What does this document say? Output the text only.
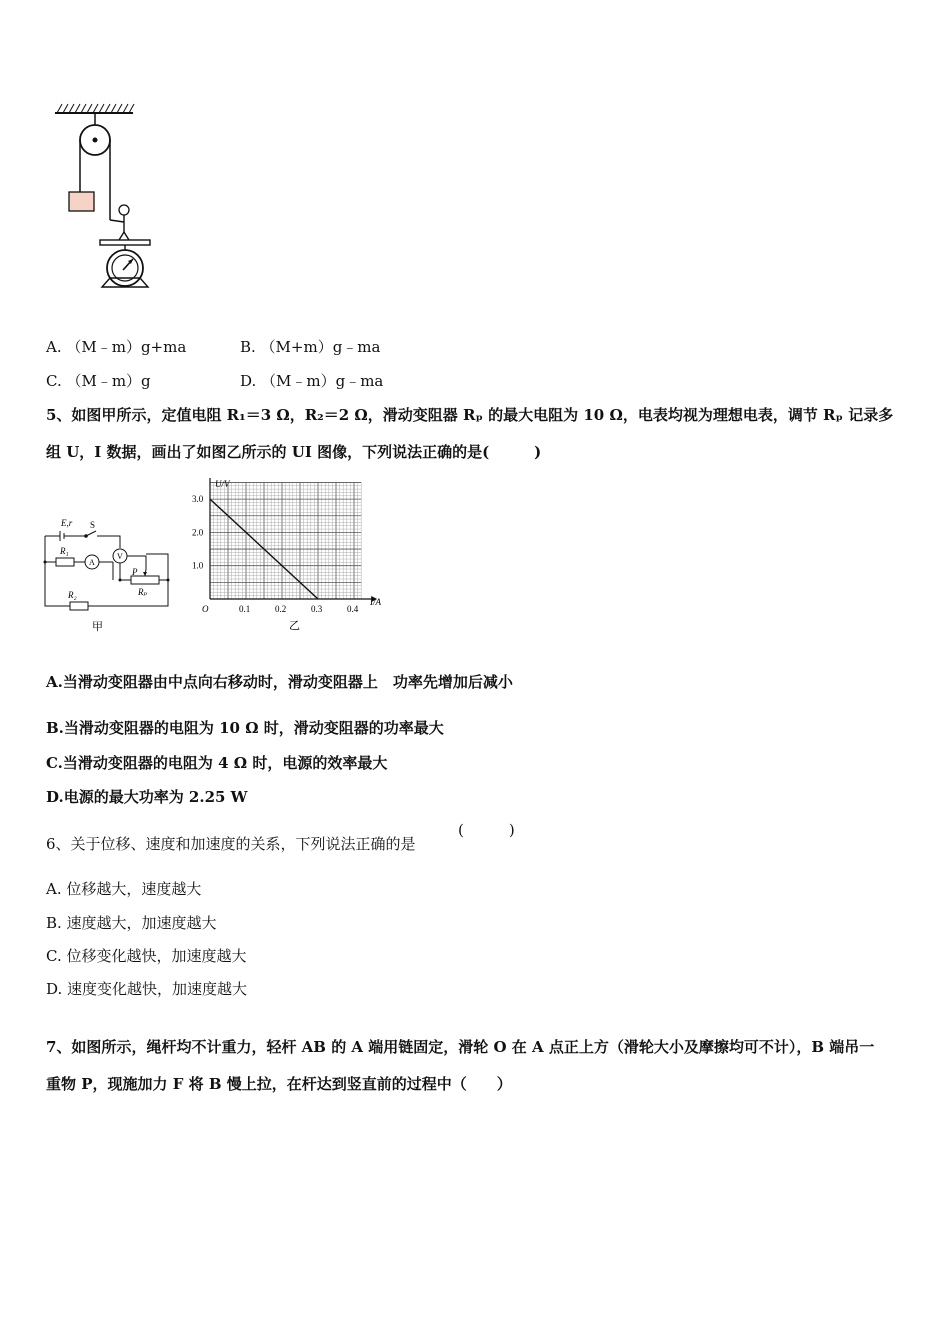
A. （M﹣m）g+ma	B. （M+m）g﹣ma
C. （M﹣m）g	D. （M﹣m）g﹣ma
5、如图甲所示，定值电阻 R₁＝3 Ω，R₂＝2 Ω，滑动变阻器 Rₚ 的最大电阻为 10 Ω，电表均视为理想电表，调节 Rₚ 记录多
组 U，I 数据，画出了如图乙所示的 UI 图像，下列说法正确的是(　　　)
E,r S
R₁
A
V
P
Rₚ
R₂
甲
0.1	0.2	0.3	0.4
1.0
2.0
3.0
U/V
I/A
O
乙
A.当滑动变阻器由中点向右移动时，滑动变阻器上　功率先增加后减小
B.当滑动变阻器的电阻为 10 Ω 时，滑动变阻器的功率最大
C.当滑动变阻器的电阻为 4 Ω 时，电源的效率最大
D.电源的最大功率为 2.25 W
6、关于位移、速度和加速度的关系，下列说法正确的是
(　　　)
A. 位移越大，速度越大
B. 速度越大，加速度越大
C. 位移变化越快，加速度越大
D. 速度变化越快，加速度越大
7、如图所示，绳杆均不计重力，轻杆 AB 的 A 端用链固定，滑轮 O 在 A 点正上方（滑轮大小及摩擦均可不计），B 端吊一
重物 P，现施加力 F 将 B 慢上拉，在杆达到竖直前的过程中（　　）
